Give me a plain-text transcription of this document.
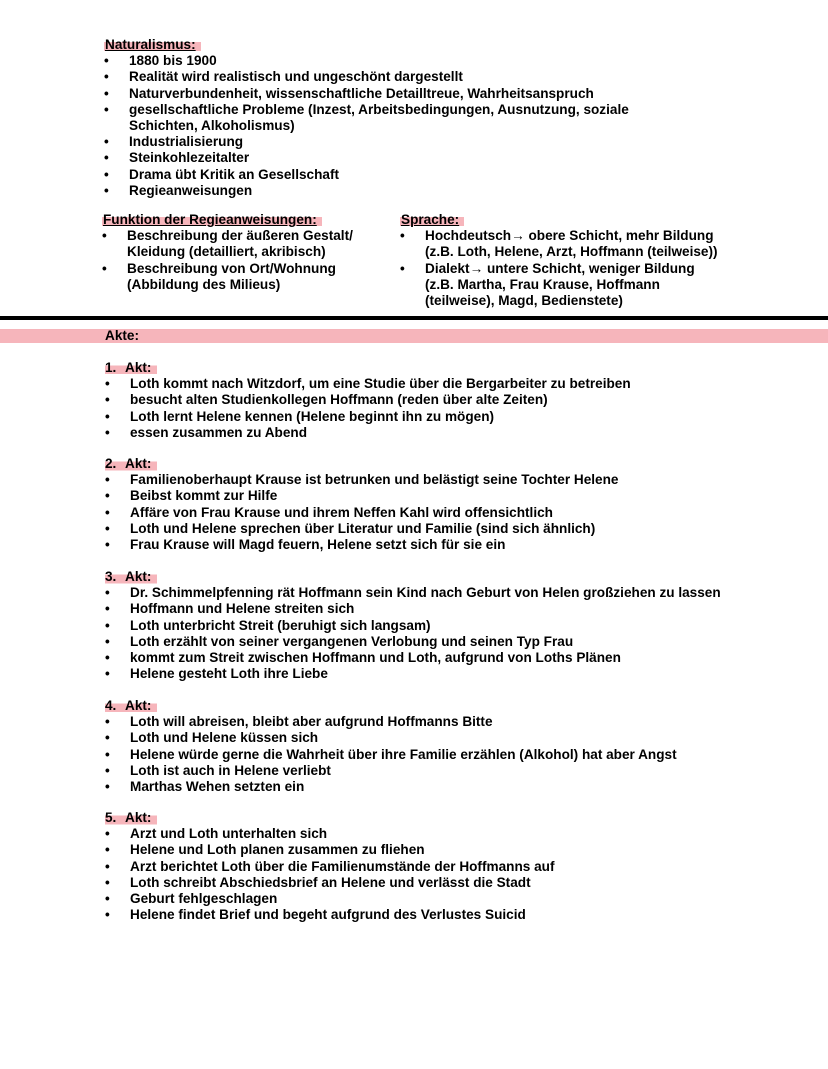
Naturalismus:
• 1880 bis 1900
• Realität wird realistisch und ungeschönt dargestellt
• Naturverbundenheit, wissenschaftliche Detailltreue, Wahrheitsanspruch
• gesellschaftliche Probleme (Inzest, Arbeitsbedingungen, Ausnutzung, soziale Schichten, Alkoholismus)
• Industrialisierung
• Steinkohlezeitalter
• Drama übt Kritik an Gesellschaft
• Regieanweisungen
Funktion der Regieanweisungen:
• Beschreibung der äußeren Gestalt/ Kleidung (detailliert, akribisch)
• Beschreibung von Ort/Wohnung (Abbildung des Milieus)
Sprache:
• Hochdeutsch→ obere Schicht, mehr Bildung (z.B. Loth, Helene, Arzt, Hoffmann (teilweise))
• Dialekt→ untere Schicht, weniger Bildung (z.B. Martha, Frau Krause, Hoffmann (teilweise), Magd, Bedienstete)
Akte:
1. Akt:
• Loth kommt nach Witzdorf, um eine Studie über die Bergarbeiter zu betreiben
• besucht alten Studienkollegen Hoffmann (reden über alte Zeiten)
• Loth lernt Helene kennen (Helene beginnt ihn zu mögen)
• essen zusammen zu Abend
2. Akt:
• Familienoberhaupt Krause ist betrunken und belästigt seine Tochter Helene
• Beibst kommt zur Hilfe
• Affäre von Frau Krause und ihrem Neffen Kahl wird offensichtlich
• Loth und Helene sprechen über Literatur und Familie (sind sich ähnlich)
• Frau Krause will Magd feuern, Helene setzt sich für sie ein
3. Akt:
• Dr. Schimmelpfenning rät Hoffmann sein Kind nach Geburt von Helen großziehen zu lassen
• Hoffmann und Helene streiten sich
• Loth unterbricht Streit (beruhigt sich langsam)
• Loth erzählt von seiner vergangenen Verlobung und seinen Typ Frau
• kommt zum Streit zwischen Hoffmann und Loth, aufgrund von Loths Plänen
• Helene gesteht Loth ihre Liebe
4. Akt:
• Loth will abreisen, bleibt aber aufgrund Hoffmanns Bitte
• Loth und Helene küssen sich
• Helene würde gerne die Wahrheit über ihre Familie erzählen (Alkohol) hat aber Angst
• Loth ist auch in Helene verliebt
• Marthas Wehen setzten ein
5. Akt:
• Arzt und Loth unterhalten sich
• Helene und Loth planen zusammen zu fliehen
• Arzt berichtet Loth über die Familienumstände der Hoffmanns auf
• Loth schreibt Abschiedsbrief an Helene und verlässt die Stadt
• Geburt fehlgeschlagen
• Helene findet Brief und begeht aufgrund des Verlustes Suicid
